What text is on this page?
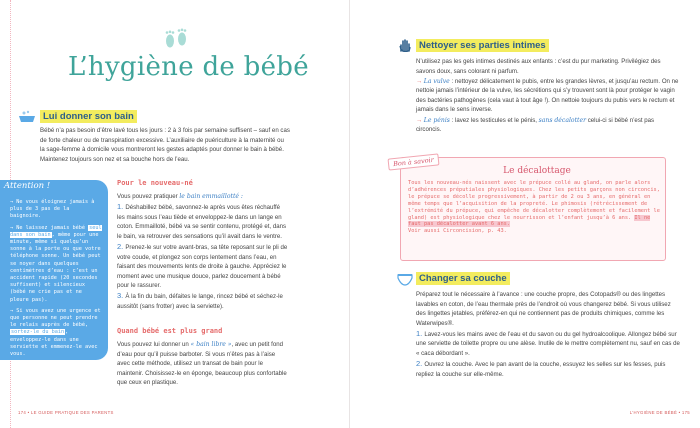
L’hygiène de bébé
Lui donner son bain
Bébé n’a pas besoin d’être lavé tous les jours : 2 à 3 fois par semaine suffisent – sauf en cas de forte chaleur ou de transpiration excessive. L’auxiliaire de puériculture à la maternité ou la sage-femme à domicile vous montreront les gestes adaptés pour donner le bain à bébé. Maintenez toujours son nez et sa bouche hors de l’eau.
Attention !

→ Ne vous éloignez jamais à plus de 3 pas de la baignoire.

→ Ne laissez jamais bébé seul dans son bain, même pour une minute, même si quelqu’un sonne à la porte ou que votre téléphone sonne. Un bébé peut se noyer dans quelques centimètres d’eau : c’est un accident rapide (20 secondes suffisent) et silencieux (bébé ne crie pas et ne pleure pas).

→ Si vous avez une urgence et que personne ne peut prendre le relais auprès de bébé, sortez-le du bain, enveloppez-le dans une serviette et emmenez-le avec vous.

Pour le nouveau-né

Vous pouvez pratiquer le bain emmaillotté :

1. Déshabillez bébé, savonnez-le après vous êtes réchauffé les mains sous l’eau tiède et enveloppez-le dans un lange en coton. Emmailloté, bébé va se sentir contenu, protégé et, dans le bain, va retrouver des sensations qu’il avait dans le ventre.

2. Prenez-le sur votre avant-bras, sa tête reposant sur le pli de votre coude, et plongez son corps lentement dans l’eau, en faisant des mouvements lents de droite à gauche. Appréciez le moment avec une musique douce, parlez doucement à bébé pour le rassurer.

3. À la fin du bain, défaites le lange, rincez bébé et séchez-le aussitôt (sans frotter) avec la serviette).

Quand bébé est plus grand

Vous pouvez lui donner un « bain libre », avec un petit fond d’eau pour qu’il puisse barboter. Si vous n’êtes pas à l’aise avec cette méthode, utilisez un transat de bain pour le maintenir. Choisissez-le en éponge, beaucoup plus confortable que ceux en plastique.

174 • LE GUIDE PRATIQUE DES PARENTS
Nettoyer ses parties intimes

N’utilisez pas les gels intimes destinés aux enfants : c’est du pur marketing. Privilégiez des savons doux, sans colorant ni parfum.

→ La vulve : nettoyez délicatement le pubis, entre les grandes lèvres, et jusqu’au rectum. On ne nettoie jamais l’intérieur de la vulve, les sécrétions qui s’y trouvent sont là pour protéger le vagin des bactéries pathogènes (cela vaut à tout âge !). On nettoie toujours du pubis vers le rectum et jamais dans le sens inverse.

→ Le pénis : lavez les testicules et le pénis, sans décalotter celui-ci si bébé n’est pas circoncis.

Bon à savoir
Le décalottage
Tous les nouveau-nés naissent avec le prépuce collé au gland, on parle alors d’adhérences préputiales physiologiques. Chez les petits garçons non circoncis, le prépuce se décolle progressivement, à partir de 2 ou 3 ans, en général en même temps que l’acquisition de la propreté. Le phimosis (rétrécissement de l’extrémité du prépuce, qui empêche de décalotter complètement et facilement le gland) est physiologique chez le nourrisson et l’enfant jusqu’à 6 ans. Il ne faut pas décalotter avant 6 ans.
Voir aussi Circoncision, p. 43.
Changer sa couche

Préparez tout le nécessaire à l’avance : une couche propre, des Cotopads® ou des lingettes lavables en coton, de l’eau thermale près de l’endroit où vous changerez bébé. Si vous utilisez des lingettes jetables, préférez-en qui ne contiennent pas de produits chimiques, comme les Waterwipes®.

1. Lavez-vous les mains avec de l’eau et du savon ou du gel hydroalcoolique. Allongez bébé sur une serviette de toilette propre ou une alèse. Inutile de le mettre complètement nu, sauf en cas de « caca débordant ».

2. Ouvrez la couche. Avec le pan avant de la couche, essuyez les selles sur les fesses, puis repliez la couche sur elle-même.

L’HYGIÈNE DE BÉBÉ • 175
